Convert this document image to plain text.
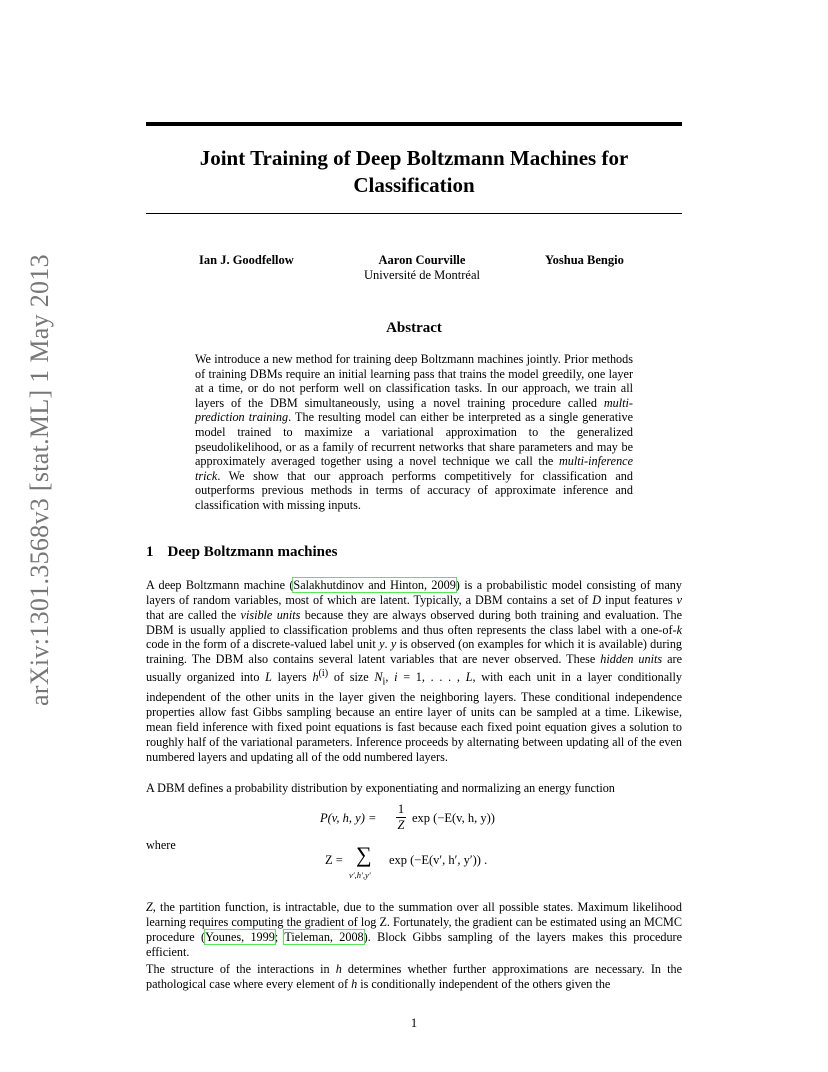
arXiv:1301.3568v3 [stat.ML] 1 May 2013
Joint Training of Deep Boltzmann Machines for Classification
Ian J. Goodfellow	Aaron Courville	Yoshua Bengio
Université de Montréal
Abstract

We introduce a new method for training deep Boltzmann machines jointly. Prior methods of training DBMs require an initial learning pass that trains the model greedily, one layer at a time, or do not perform well on classification tasks. In our approach, we train all layers of the DBM simultaneously, using a novel training procedure called multi-prediction training. The resulting model can either be interpreted as a single generative model trained to maximize a variational approximation to the generalized pseudolikelihood, or as a family of recurrent networks that share parameters and may be approximately averaged together using a novel technique we call the multi-inference trick. We show that our approach performs competitively for classification and outperforms previous methods in terms of accuracy of approximate inference and classification with missing inputs.

1 Deep Boltzmann machines

A deep Boltzmann machine (Salakhutdinov and Hinton, 2009) is a probabilistic model consisting of many layers of random variables, most of which are latent. Typically, a DBM contains a set of D input features v that are called the visible units because they are always observed during both training and evaluation. The DBM is usually applied to classification problems and thus often represents the class label with a one-of-k code in the form of a discrete-valued label unit y. y is observed (on examples for which it is available) during training. The DBM also contains several latent variables that are never observed. These hidden units are usually organized into L layers $h^{(i)}$ of size $N_i$, i = 1, . . . , L, with each unit in a layer conditionally independent of the other units in the layer given the neighboring layers. These conditional independence properties allow fast Gibbs sampling because an entire layer of units can be sampled at a time. Likewise, mean field inference with fixed point equations is fast because each fixed point equation gives a solution to roughly half of the variational parameters. Inference proceeds by alternating between updating all of the even numbered layers and updating all of the odd numbered layers.

A DBM defines a probability distribution by exponentiating and normalizing an energy function

P(v, h, y) =
1
Z exp (−E(v, h, y))

where

Z = ∑
v′,h′,y′
exp (−E(v′, h′, y′)) .

Z, the partition function, is intractable, due to the summation over all possible states. Maximum likelihood learning requires computing the gradient of log Z. Fortunately, the gradient can be estimated using an MCMC procedure (Younes, 1999; Tieleman, 2008). Block Gibbs sampling of the layers makes this procedure efficient.

The structure of the interactions in h determines whether further approximations are necessary. In the pathological case where every element of h is conditionally independent of the others given the

1
